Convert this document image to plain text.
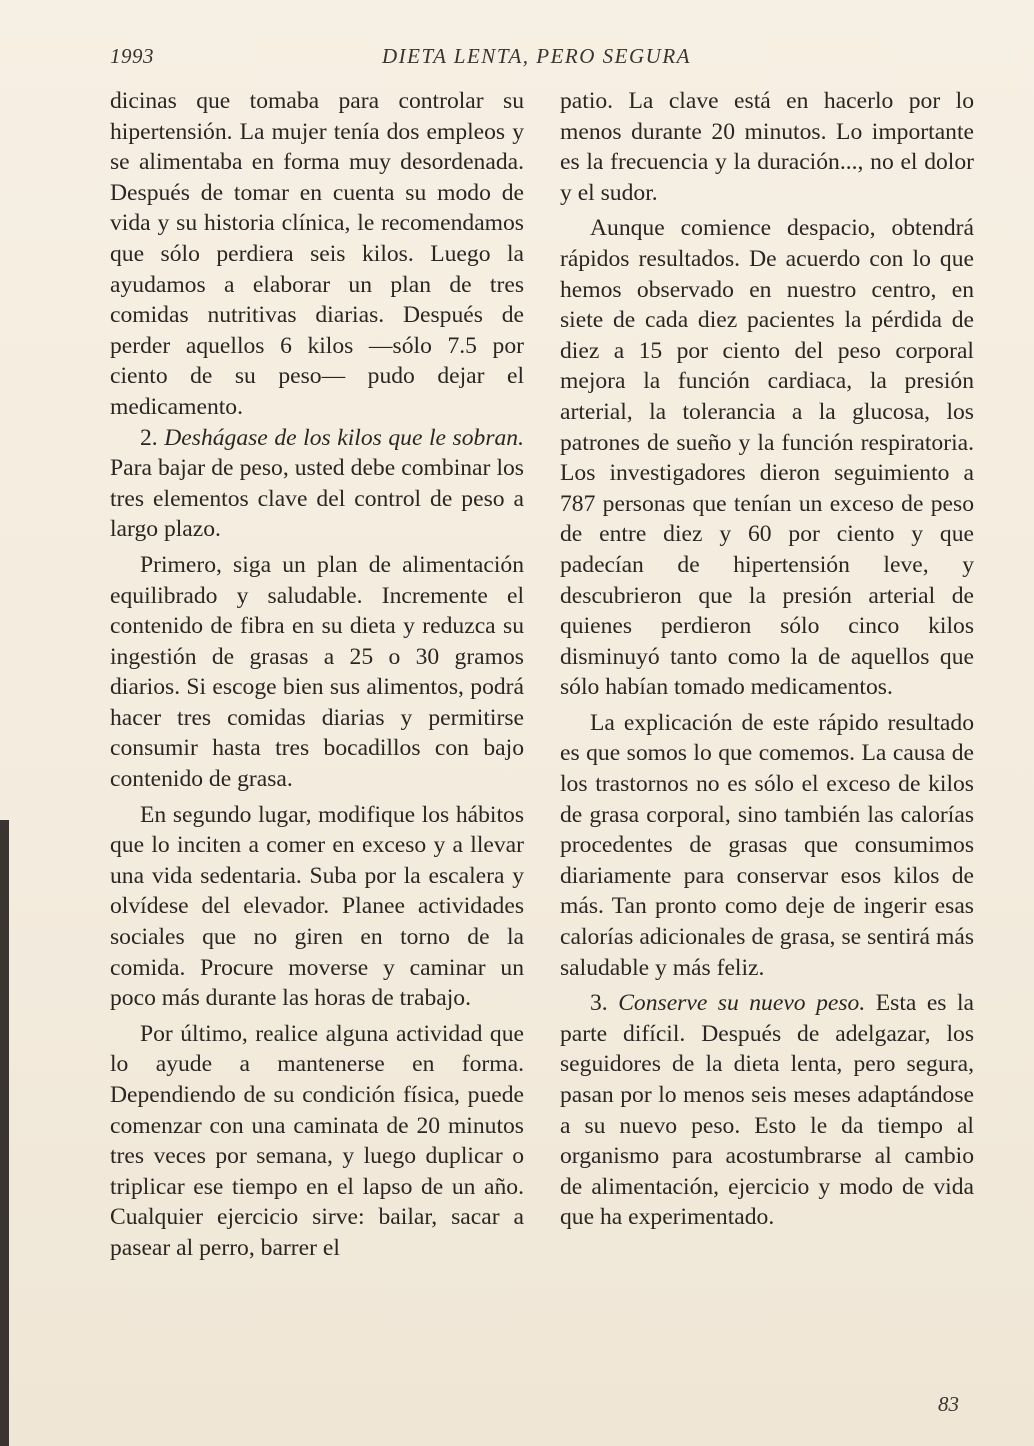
1993	DIETA LENTA, PERO SEGURA

dicinas que tomaba para controlar su hipertensión. La mujer tenía dos empleos y se alimentaba en forma muy desordenada. Después de tomar en cuenta su modo de vida y su historia clínica, le recomendamos que sólo perdiera seis kilos. Luego la ayudamos a elaborar un plan de tres comidas nutritivas diarias. Después de perder aquellos 6 kilos —sólo 7.5 por ciento de su peso— pudo dejar el medicamento.

2. Deshágase de los kilos que le sobran. Para bajar de peso, usted debe combinar los tres elementos clave del control de peso a largo plazo.

Primero, siga un plan de alimentación equilibrado y saludable. Incremente el contenido de fibra en su dieta y reduzca su ingestión de grasas a 25 o 30 gramos diarios. Si escoge bien sus alimentos, podrá hacer tres comidas diarias y permitirse consumir hasta tres bocadillos con bajo contenido de grasa.

En segundo lugar, modifique los hábitos que lo inciten a comer en exceso y a llevar una vida sedentaria. Suba por la escalera y olvídese del elevador. Planee actividades sociales que no giren en torno de la comida. Procure moverse y caminar un poco más durante las horas de trabajo.

Por último, realice alguna actividad que lo ayude a mantenerse en forma. Dependiendo de su condición física, puede comenzar con una caminata de 20 minutos tres veces por semana, y luego duplicar o triplicar ese tiempo en el lapso de un año. Cualquier ejercicio sirve: bailar, sacar a pasear al perro, barrer el

patio. La clave está en hacerlo por lo menos durante 20 minutos. Lo importante es la frecuencia y la duración..., no el dolor y el sudor.

Aunque comience despacio, obtendrá rápidos resultados. De acuerdo con lo que hemos observado en nuestro centro, en siete de cada diez pacientes la pérdida de diez a 15 por ciento del peso corporal mejora la función cardiaca, la presión arterial, la tolerancia a la glucosa, los patrones de sueño y la función respiratoria. Los investigadores dieron seguimiento a 787 personas que tenían un exceso de peso de entre diez y 60 por ciento y que padecían de hipertensión leve, y descubrieron que la presión arterial de quienes perdieron sólo cinco kilos disminuyó tanto como la de aquellos que sólo habían tomado medicamentos.

La explicación de este rápido resultado es que somos lo que comemos. La causa de los trastornos no es sólo el exceso de kilos de grasa corporal, sino también las calorías procedentes de grasas que consumimos diariamente para conservar esos kilos de más. Tan pronto como deje de ingerir esas calorías adicionales de grasa, se sentirá más saludable y más feliz.

3. Conserve su nuevo peso. Esta es la parte difícil. Después de adelgazar, los seguidores de la dieta lenta, pero segura, pasan por lo menos seis meses adaptándose a su nuevo peso. Esto le da tiempo al organismo para acostumbrarse al cambio de alimentación, ejercicio y modo de vida que ha experimentado.

83
